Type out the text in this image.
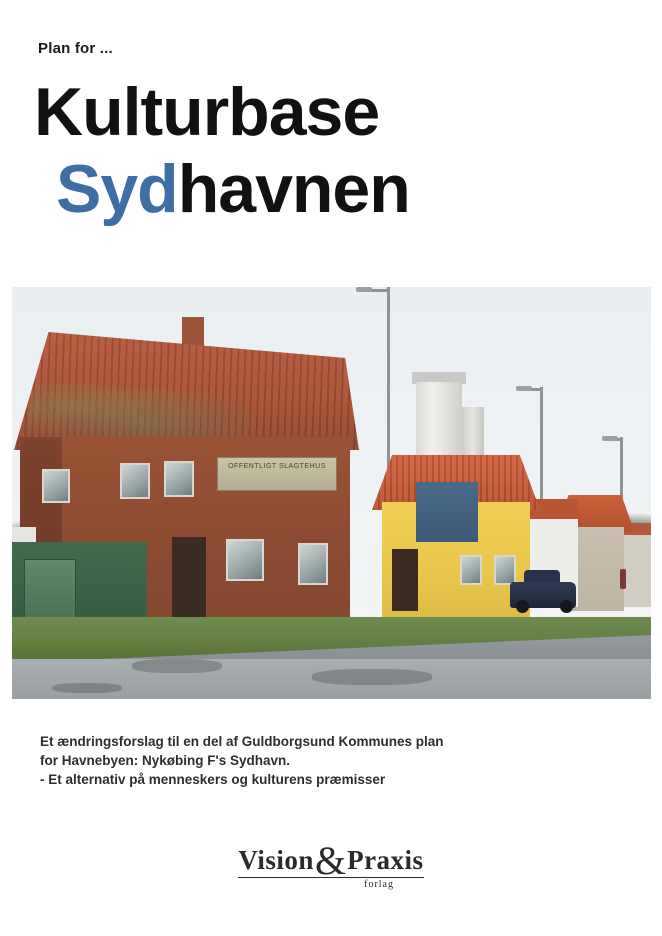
Plan for ...
Kulturbase
Sydhavnen
OFFENTLIGT SLAGTEHUS
Et ændringsforslag til en del af Guldborgsund Kommunes plan
for Havnebyen: Nykøbing F's Sydhavn.
- Et alternativ på menneskers og kulturens præmisser
Vision&Praxis
forlag
